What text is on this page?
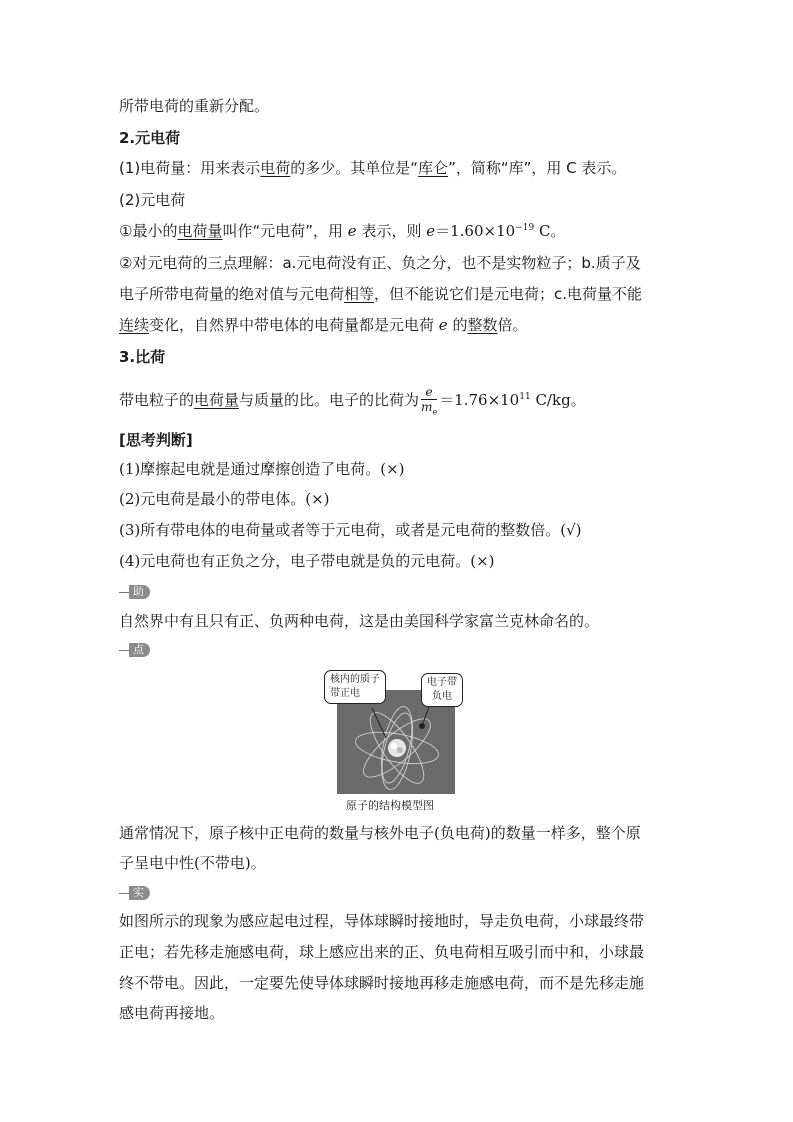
所带电荷的重新分配。
2.元电荷
(1)电荷量：用来表示电荷的多少。其单位是“库仑”，简称“库”，用 C 表示。
(2)元电荷
①最小的电荷量叫作“元电荷”，用 e 表示，则 $e=1.60\times 10^{-19}$ C。
②对元电荷的三点理解：a.元电荷没有正、负之分，也不是实物粒子；b.质子及
电子所带电荷量的绝对值与元电荷相等，但不能说它们是元电荷；c.电荷量不能
连续变化，自然界中带电体的电荷量都是元电荷 e 的整数倍。
3.比荷
带电粒子的电荷量与质量的比。电子的比荷为 $\frac{e}{m_e} =1.76\times 10^{11}$ C/kg。
[思考判断]
(1)摩擦起电就是通过摩擦创造了电荷。(×)
(2)元电荷是最小的带电体。(×)
(3)所有带电体的电荷量或者等于元电荷，或者是元电荷的整数倍。(√)
(4)元电荷也有正负之分，电子带电就是负的元电荷。(×)
助解
自然界中有且只有正、负两种电荷，这是由美国科学家富兰克林命名的。
点拨
核内的质子
带正电
电子带
负电
原子的结构模型图
通常情况下，原子核中正电荷的数量与核外电子(负电荷)的数量一样多，整个原
子呈电中性(不带电)。
实例
如图所示的现象为感应起电过程，导体球瞬时接地时，导走负电荷，小球最终带
正电；若先移走施感电荷，球上感应出来的正、负电荷相互吸引而中和，小球最
终不带电。因此，一定要先使导体球瞬时接地再移走施感电荷，而不是先移走施
感电荷再接地。
